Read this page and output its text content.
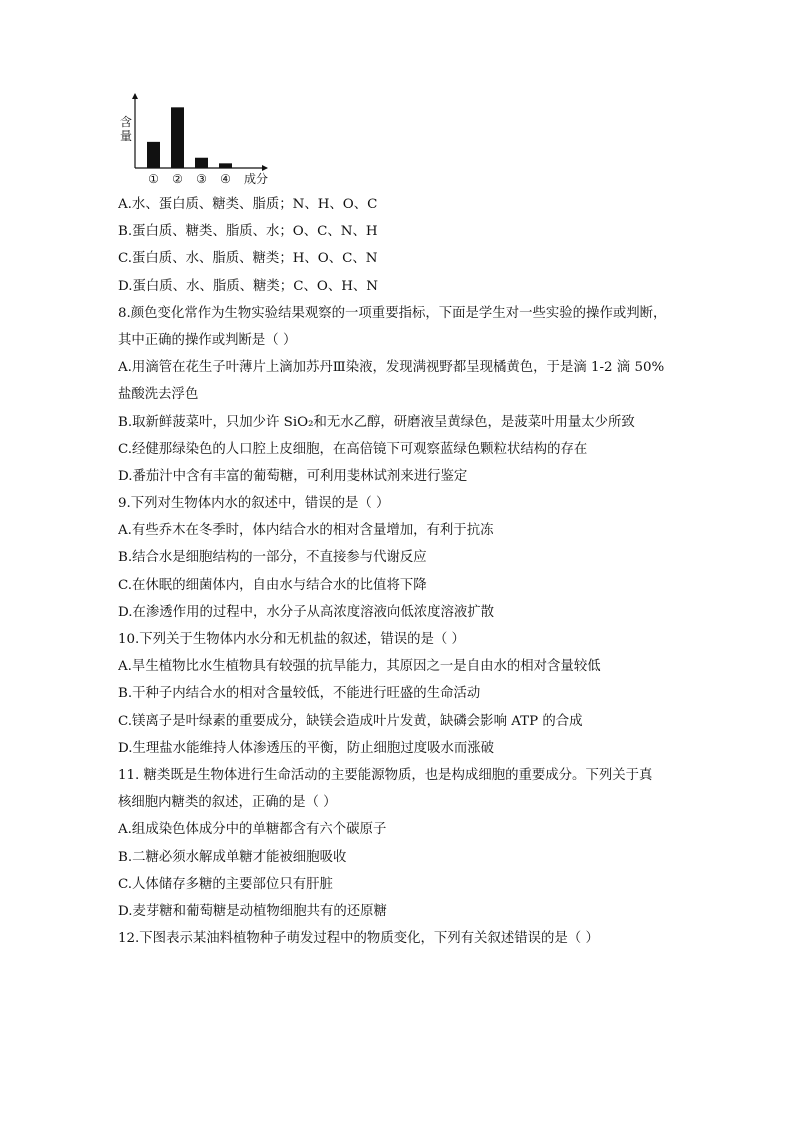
含
量
① ② ③ ④ 成分
A.水、蛋白质、糖类、脂质；N、H、O、C
B.蛋白质、糖类、脂质、水；O、C、N、H
C.蛋白质、水、脂质、糖类；H、O、C、N
D.蛋白质、水、脂质、糖类；C、O、H、N
8.颜色变化常作为生物实验结果观察的一项重要指标，下面是学生对一些实验的操作或判断，
其中正确的操作或判断是（ ）
A.用滴管在花生子叶薄片上滴加苏丹Ⅲ染液，发现满视野都呈现橘黄色，于是滴 1-2 滴 50%
盐酸洗去浮色
B.取新鲜菠菜叶，只加少许 SiO₂和无水乙醇，研磨液呈黄绿色，是菠菜叶用量太少所致
C.经健那绿染色的人口腔上皮细胞，在高倍镜下可观察蓝绿色颗粒状结构的存在
D.番茄汁中含有丰富的葡萄糖，可利用斐林试剂来进行鉴定
9.下列对生物体内水的叙述中，错误的是（ ）
A.有些乔木在冬季时，体内结合水的相对含量增加，有利于抗冻
B.结合水是细胞结构的一部分，不直接参与代谢反应
C.在休眠的细菌体内，自由水与结合水的比值将下降
D.在渗透作用的过程中，水分子从高浓度溶液向低浓度溶液扩散
10.下列关于生物体内水分和无机盐的叙述，错误的是（ ）
A.旱生植物比水生植物具有较强的抗旱能力，其原因之一是自由水的相对含量较低
B.干种子内结合水的相对含量较低，不能进行旺盛的生命活动
C.镁离子是叶绿素的重要成分，缺镁会造成叶片发黄，缺磷会影响 ATP 的合成
D.生理盐水能维持人体渗透压的平衡，防止细胞过度吸水而涨破
11. 糖类既是生物体进行生命活动的主要能源物质，也是构成细胞的重要成分。下列关于真
核细胞内糖类的叙述，正确的是（ ）
A.组成染色体成分中的单糖都含有六个碳原子
B.二糖必须水解成单糖才能被细胞吸收
C.人体储存多糖的主要部位只有肝脏
D.麦芽糖和葡萄糖是动植物细胞共有的还原糖
12.下图表示某油料植物种子萌发过程中的物质变化，下列有关叙述错误的是（ ）
